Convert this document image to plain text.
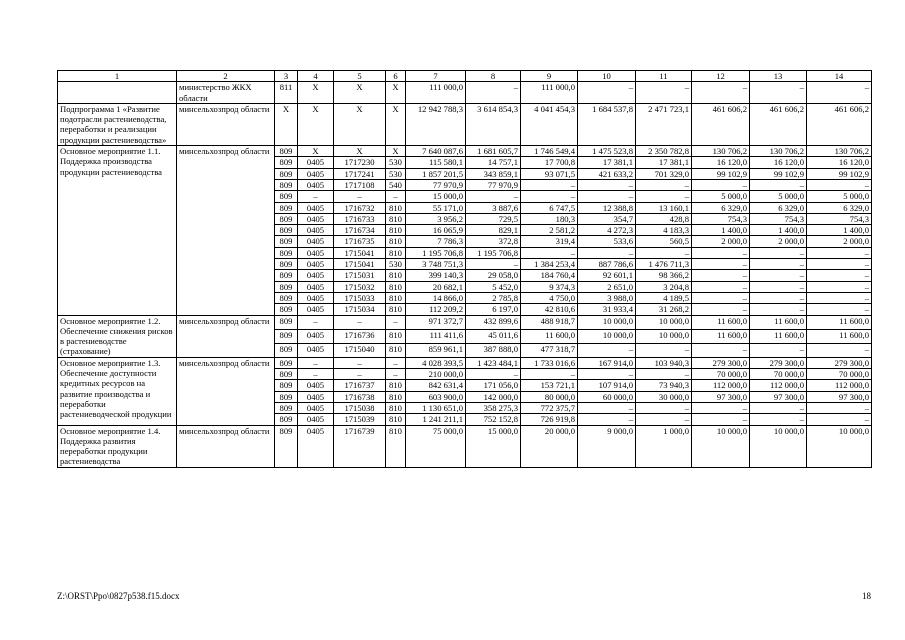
1	2	3	4	5	6	7	8	9	10	11	12	13	14
	министерство ЖКХ области	811	Х	Х	Х	111 000,0	–	111 000,0	–	–	–	–	–
Подпрограмма 1 «Развитие подотрасли растениеводства, переработки и реализации продукции растениеводства»	минсельхозпрод области	Х	Х	Х	Х	12 942 788,3	3 614 854,3	4 041 454,3	1 684 537,8	2 471 723,1	461 606,2	461 606,2	461 606,2
Основное мероприятие 1.1. Поддержка производства продукции растениеводства	минсельхозпрод области	809	Х	Х	Х	7 640 087,6	1 681 605,7	1 746 549,4	1 475 523,8	2 350 782,8	130 706,2	130 706,2	130 706,2
		809	0405	1717230	530	115 580,1	14 757,1	17 700,8	17 381,1	17 381,1	16 120,0	16 120,0	16 120,0
		809	0405	1717241	530	1 857 201,5	343 859,1	93 071,5	421 633,2	701 329,0	99 102,9	99 102,9	99 102,9
		809	0405	1717108	540	77 970,9	77 970,9	–	–	–	–	–	–
		809	–	–	–	15 000,0	–	–	–	–	5 000,0	5 000,0	5 000,0
		809	0405	1716732	810	55 171,0	3 887,6	6 747,5	12 388,8	13 160,1	6 329,0	6 329,0	6 329,0
		809	0405	1716733	810	3 956,2	729,5	180,3	354,7	428,8	754,3	754,3	754,3
		809	0405	1716734	810	16 065,9	829,1	2 581,2	4 272,3	4 183,3	1 400,0	1 400,0	1 400,0
		809	0405	1716735	810	7 786,3	372,8	319,4	533,6	560,5	2 000,0	2 000,0	2 000,0
		809	0405	1715041	810	1 195 706,8	1 195 706,8	–	–	–	–	–	–
		809	0405	1715041	530	3 748 751,3	–	1 384 253,4	887 786,6	1 476 711,3	–	–	–
		809	0405	1715031	810	399 140,3	29 058,0	184 760,4	92 601,1	98 366,2	–	–	–
		809	0405	1715032	810	20 682,1	5 452,0	9 374,3	2 651,0	3 204,8	–	–	–
		809	0405	1715033	810	14 866,0	2 785,8	4 750,0	3 988,0	4 189,5	–	–	–
		809	0405	1715034	810	112 209,2	6 197,0	42 810,6	31 933,4	31 268,2	–	–	–
Основное мероприятие 1.2. Обеспечение снижения рисков в растениеводстве (страхование)	минсельхозпрод области	809	–	–	–	971 372,7	432 899,6	488 918,7	10 000,0	10 000,0	11 600,0	11 600,0	11 600,0
		809	0405	1716736	810	111 411,6	45 011,6	11 600,0	10 000,0	10 000,0	11 600,0	11 600,0	11 600,0
		809	0405	1715040	810	859 961,1	387 888,0	477 318,7	–	–	–	–	–
Основное мероприятие 1.3. Обеспечение доступности кредитных ресурсов на развитие производства и переработки растениеводческой продукции	минсельхозпрод области	809	–	–	–	4 028 393,5	1 423 484,1	1 733 016,6	167 914,0	103 940,3	279 300,0	279 300,0	279 300,0
		809	–	–	–	210 000,0	–	–	–	–	70 000,0	70 000,0	70 000,0
		809	0405	1716737	810	842 631,4	171 056,0	153 721,1	107 914,0	73 940,3	112 000,0	112 000,0	112 000,0
		809	0405	1716738	810	603 900,0	142 000,0	80 000,0	60 000,0	30 000,0	97 300,0	97 300,0	97 300,0
		809	0405	1715038	810	1 130 651,0	358 275,3	772 375,7	–	–	–	–	–
		809	0405	1715039	810	1 241 211,1	752 152,8	726 919,8	–	–	–	–	–
Основное мероприятие 1.4. Поддержка развития переработки продукции растениеводства	минсельхозпрод области	809	0405	1716739	810	75 000,0	15 000,0	20 000,0	9 000,0	1 000,0	10 000,0	10 000,0	10 000,0
Z:\ORST\Ppo\0827p538.f15.docx	18
